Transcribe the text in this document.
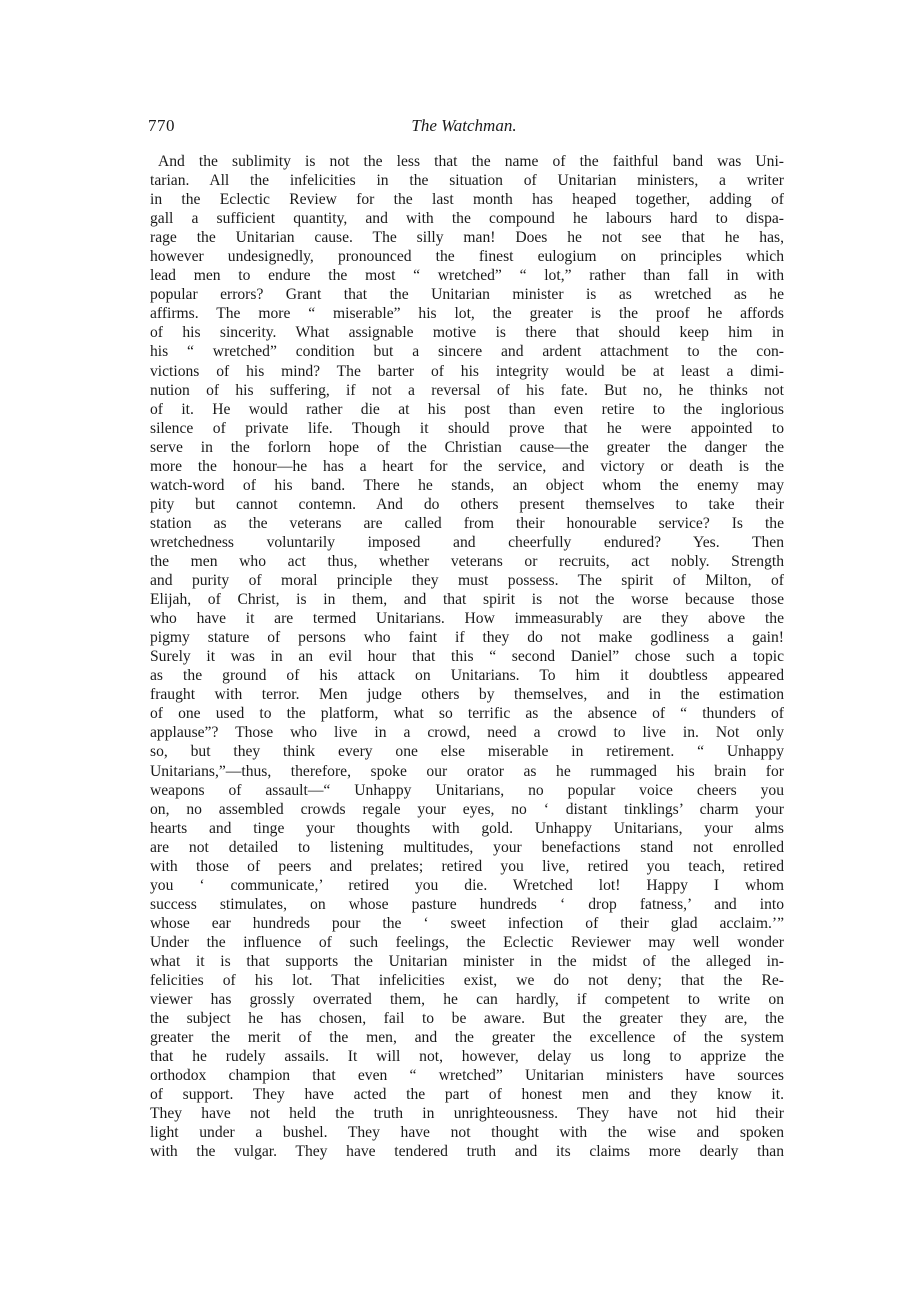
770	The Watchman.
And the sublimity is not the less that the name of the faithful band was Uni-
tarian. All the infelicities in the situation of Unitarian ministers, a writer
in the Eclectic Review for the last month has heaped together, adding of
gall a sufficient quantity, and with the compound he labours hard to dispa-
rage the Unitarian cause. The silly man! Does he not see that he has,
however undesignedly, pronounced the finest eulogium on principles which
lead men to endure the most “ wretched” “ lot,” rather than fall in with
popular errors? Grant that the Unitarian minister is as wretched as he
affirms. The more “ miserable” his lot, the greater is the proof he affords
of his sincerity. What assignable motive is there that should keep him in
his “ wretched” condition but a sincere and ardent attachment to the con-
victions of his mind? The barter of his integrity would be at least a dimi-
nution of his suffering, if not a reversal of his fate. But no, he thinks not
of it. He would rather die at his post than even retire to the inglorious
silence of private life. Though it should prove that he were appointed to
serve in the forlorn hope of the Christian cause—the greater the danger the
more the honour—he has a heart for the service, and victory or death is the
watch-word of his band. There he stands, an object whom the enemy may
pity but cannot contemn. And do others present themselves to take their
station as the veterans are called from their honourable service? Is the
wretchedness voluntarily imposed and cheerfully endured? Yes. Then
the men who act thus, whether veterans or recruits, act nobly. Strength
and purity of moral principle they must possess. The spirit of Milton, of
Elijah, of Christ, is in them, and that spirit is not the worse because those
who have it are termed Unitarians. How immeasurably are they above the
pigmy stature of persons who faint if they do not make godliness a gain!
Surely it was in an evil hour that this “ second Daniel” chose such a topic
as the ground of his attack on Unitarians. To him it doubtless appeared
fraught with terror. Men judge others by themselves, and in the estimation
of one used to the platform, what so terrific as the absence of “ thunders of
applause”? Those who live in a crowd, need a crowd to live in. Not only
so, but they think every one else miserable in retirement. “ Unhappy
Unitarians,”—thus, therefore, spoke our orator as he rummaged his brain for
weapons of assault—“ Unhappy Unitarians, no popular voice cheers you
on, no assembled crowds regale your eyes, no ‘ distant tinklings’ charm your
hearts and tinge your thoughts with gold. Unhappy Unitarians, your alms
are not detailed to listening multitudes, your benefactions stand not enrolled
with those of peers and prelates; retired you live, retired you teach, retired
you ‘ communicate,’ retired you die. Wretched lot! Happy I whom
success stimulates, on whose pasture hundreds ‘ drop fatness,’ and into
whose ear hundreds pour the ‘ sweet infection of their glad acclaim.’”
Under the influence of such feelings, the Eclectic Reviewer may well wonder
what it is that supports the Unitarian minister in the midst of the alleged in-
felicities of his lot. That infelicities exist, we do not deny; that the Re-
viewer has grossly overrated them, he can hardly, if competent to write on
the subject he has chosen, fail to be aware. But the greater they are, the
greater the merit of the men, and the greater the excellence of the system
that he rudely assails. It will not, however, delay us long to apprize the
orthodox champion that even “ wretched” Unitarian ministers have sources
of support. They have acted the part of honest men and they know it.
They have not held the truth in unrighteousness. They have not hid their
light under a bushel. They have not thought with the wise and spoken
with the vulgar. They have tendered truth and its claims more dearly than
